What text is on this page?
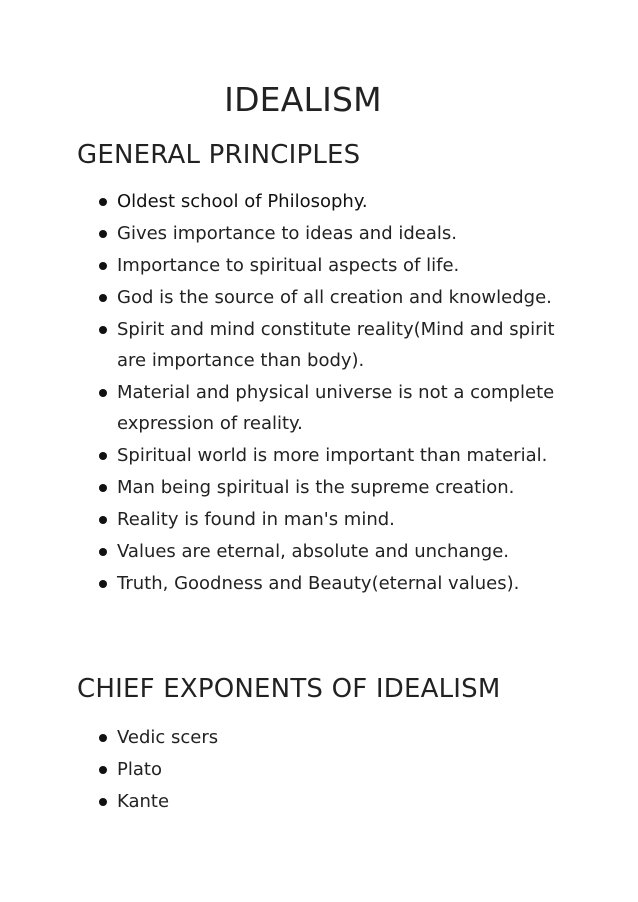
IDEALISM
GENERAL PRINCIPLES
Oldest school of Philosophy.
Gives importance to ideas and ideals.
Importance to spiritual aspects of life.
God is the source of all creation and knowledge.
Spirit and mind constitute reality(Mind and spirit are importance than body).
Material and physical universe is not a complete expression of reality.
Spiritual world is more important than material.
Man being spiritual is the supreme creation.
Reality is found in man's mind.
Values are eternal, absolute and unchange.
Truth, Goodness and Beauty(eternal values).
CHIEF EXPONENTS OF IDEALISM
Vedic scers
Plato
Kante
